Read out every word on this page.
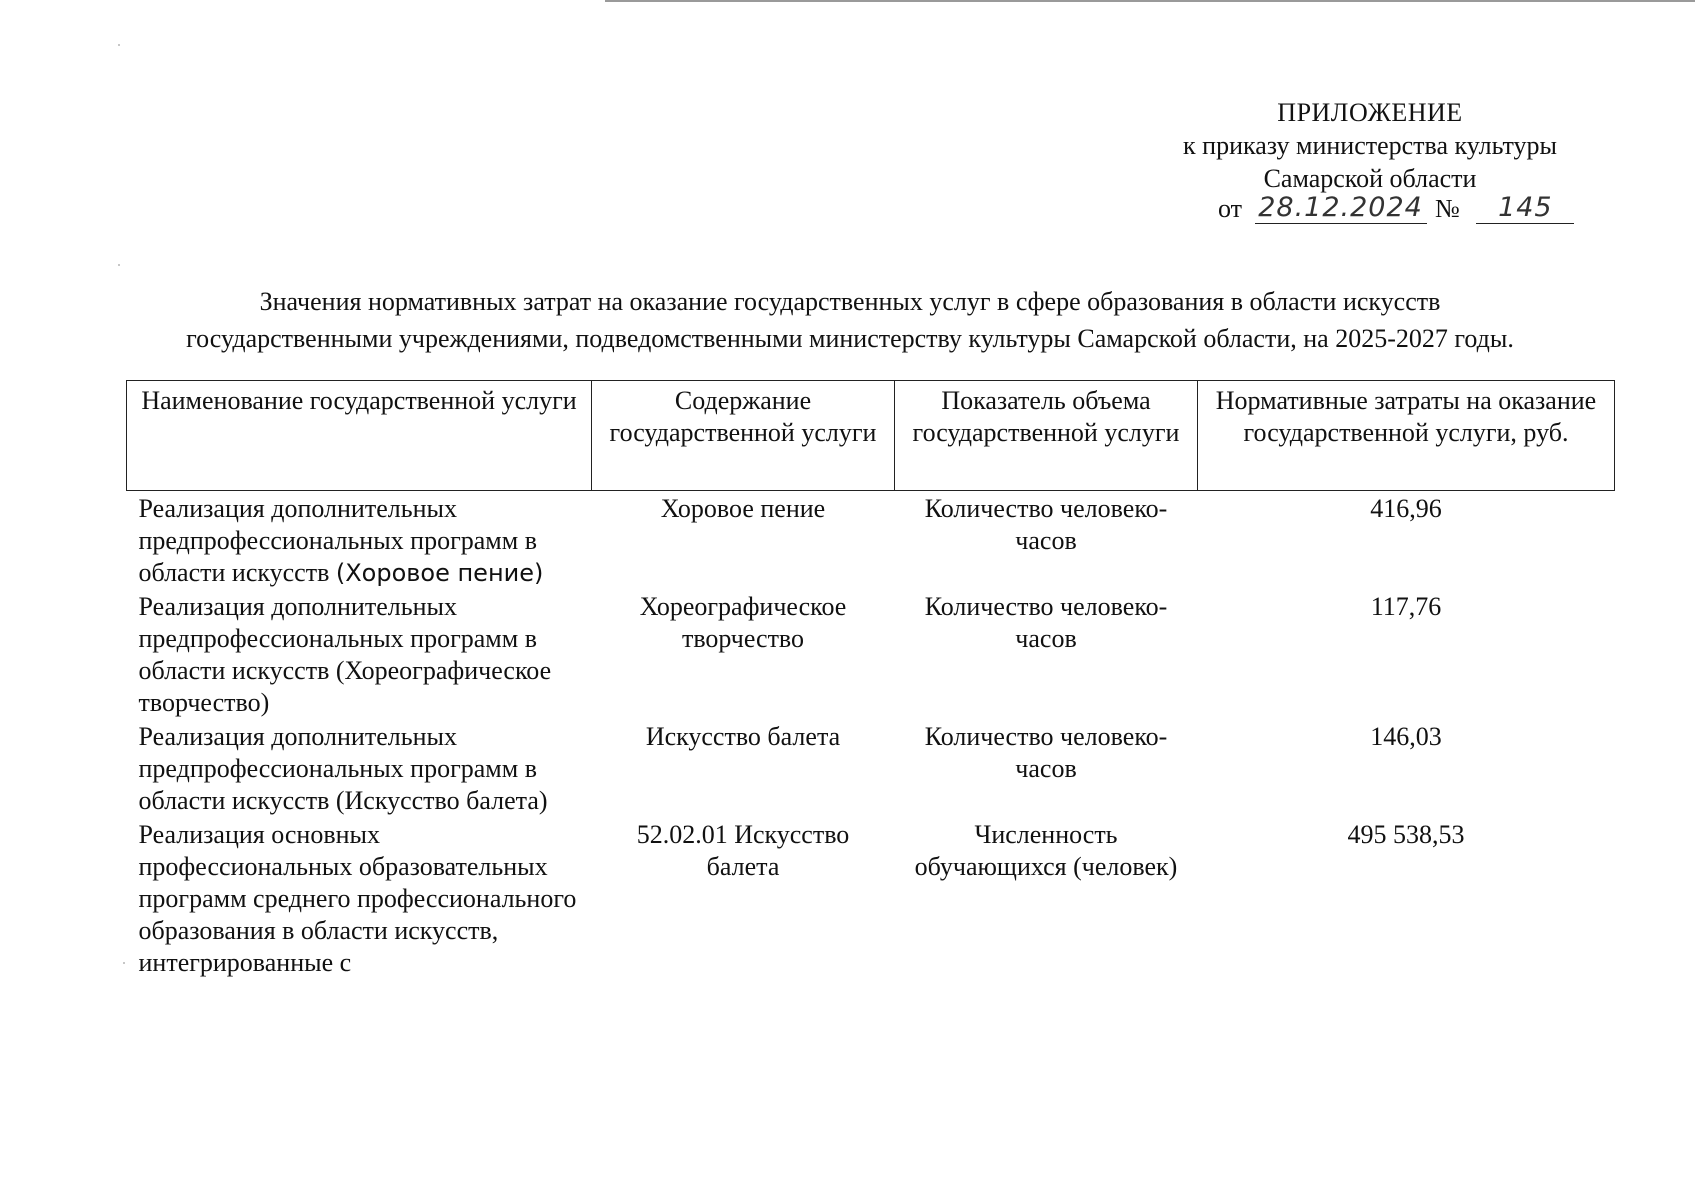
ПРИЛОЖЕНИЕ
к приказу министерства культуры
Самарской области
от 28.12.2024 № 145
Значения нормативных затрат на оказание государственных услуг в сфере образования в области искусств
государственными учреждениями, подведомственными министерству культуры Самарской области, на 2025-2027 годы.
Наименование государственной услуги	Содержание государственной услуги	Показатель объема государственной услуги	Нормативные затраты на оказание государственной услуги, руб.
Реализация дополнительных предпрофессиональных программ в области искусств (Хоровое пение)	Хоровое пение	Количество человеко-часов	416,96
Реализация дополнительных предпрофессиональных программ в области искусств (Хореографическое творчество)	Хореографическое творчество	Количество человеко-часов	117,76
Реализация дополнительных предпрофессиональных программ в области искусств (Искусство балета)	Искусство балета	Количество человеко-часов	146,03
Реализация основных профессиональных образовательных программ среднего профессионального образования в области искусств, интегрированные с	52.02.01 Искусство балета	Численность обучающихся (человек)	495 538,53
